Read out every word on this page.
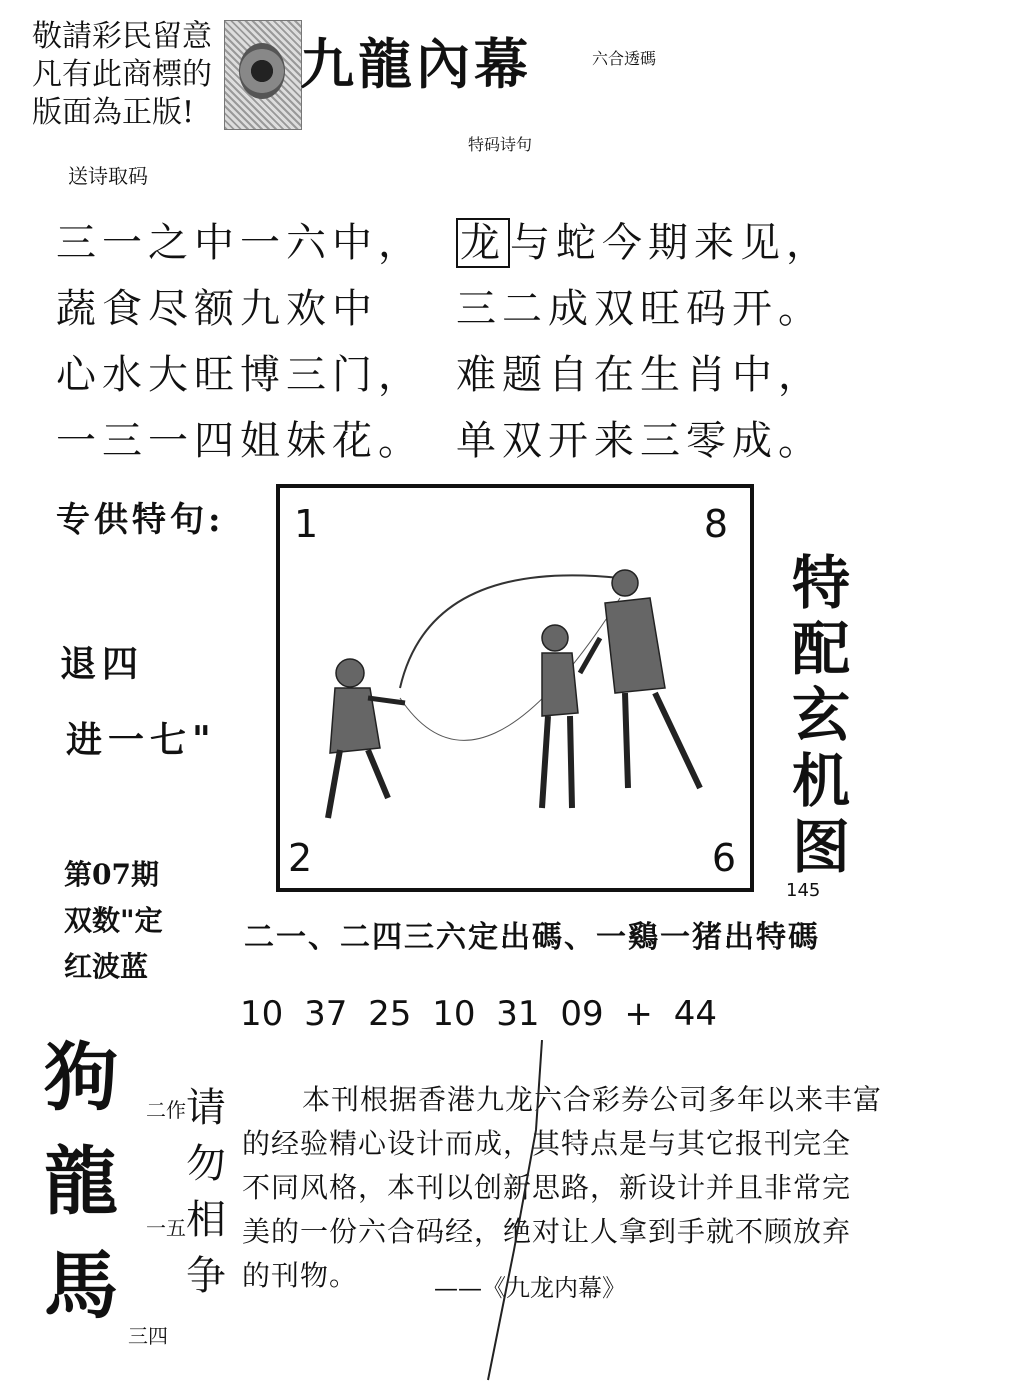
敬請彩民留意
凡有此商標的
版面為正版!
九龍內幕	六合透碼
特码诗句
送诗取码
三一之中一六中，
蔬食尽额九欢中
心水大旺博三门，
一三一四姐妹花。
龙 与蛇今期来见，
三二成双旺码开。
难题自在生肖中，
单双开来三零成。
专供特句:
退四
进一七"
1	8
2	6
特
配
玄
机
图
145
第07期
双数"定
红波蓝
二一、二四三六定出碼、一鷄一猪出特碼
10 37 25 10 31 09 + 44
狗
龍
馬
二作
一五
三四
请
勿
相
争
本刊根据香港九龙六合彩券公司多年以来丰富
的经验精心设计而成，其特点是与其它报刊完全
不同风格，本刊以创新思路，新设计并且非常完
美的一份六合码经，绝对让人拿到手就不顾放弃
的刊物。	——《九龙内幕》
